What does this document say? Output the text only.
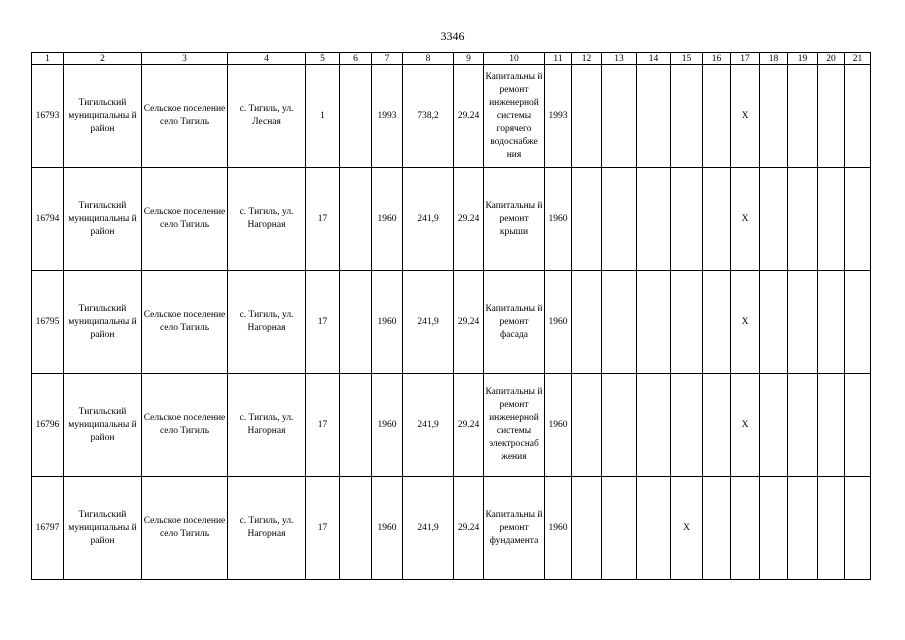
3346
1	2	3	4	5	6	7	8	9	10	11	12	13	14	15	16	17	18	19	20	21
16793	Тигильский муниципальны й район	Сельское поселение село Тигиль	с. Тигиль, ул. Лесная	1		1993	738,2	29.24	Капитальны й ремонт инженерной системы горячего водоснабже ния	1993						X				
16794	Тигильский муниципальны й район	Сельское поселение село Тигиль	с. Тигиль, ул. Нагорная	17		1960	241,9	29.24	Капитальны й ремонт крыши	1960						X				
16795	Тигильский муниципальны й район	Сельское поселение село Тигиль	с. Тигиль, ул. Нагорная	17		1960	241,9	29.24	Капитальны й ремонт фасада	1960						X				
16796	Тигильский муниципальны й район	Сельское поселение село Тигиль	с. Тигиль, ул. Нагорная	17		1960	241,9	29.24	Капитальны й ремонт инженерной системы электроснаб жения	1960						X				
16797	Тигильский муниципальны й район	Сельское поселение село Тигиль	с. Тигиль, ул. Нагорная	17		1960	241,9	29.24	Капитальны й ремонт фундамента	1960				X						
